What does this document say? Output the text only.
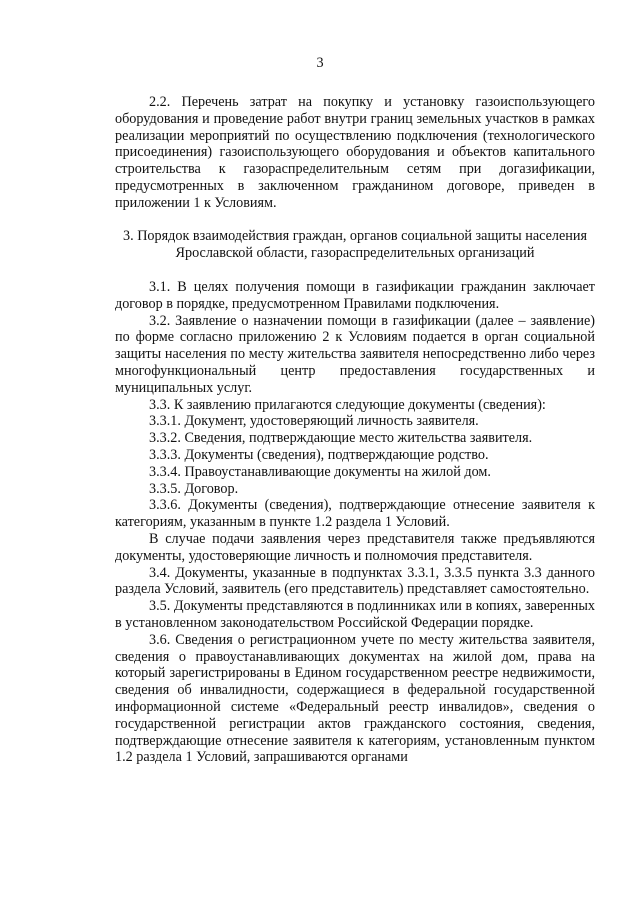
3

2.2. Перечень затрат на покупку и установку газоиспользующего оборудования и проведение работ внутри границ земельных участков в рамках реализации мероприятий по осуществлению подключения (технологического присоединения) газоиспользующего оборудования и объектов капитального строительства к газораспределительным сетям при догазификации, предусмотренных в заключенном гражданином договоре, приведен в приложении 1 к Условиям.

3. Порядок взаимодействия граждан, органов социальной защиты населения Ярославской области, газораспределительных организаций

3.1. В целях получения помощи в газификации гражданин заключает договор в порядке, предусмотренном Правилами подключения.

3.2. Заявление о назначении помощи в газификации (далее – заявление) по форме согласно приложению 2 к Условиям подается в орган социальной защиты населения по месту жительства заявителя непосредственно либо через многофункциональный центр предоставления государственных и муниципальных услуг.

3.3. К заявлению прилагаются следующие документы (сведения):

3.3.1. Документ, удостоверяющий личность заявителя.

3.3.2. Сведения, подтверждающие место жительства заявителя.

3.3.3. Документы (сведения), подтверждающие родство.

3.3.4. Правоустанавливающие документы на жилой дом.

3.3.5. Договор.

3.3.6. Документы (сведения), подтверждающие отнесение заявителя к категориям, указанным в пункте 1.2 раздела 1 Условий.

В случае подачи заявления через представителя также предъявляются документы, удостоверяющие личность и полномочия представителя.

3.4. Документы, указанные в подпунктах 3.3.1, 3.3.5 пункта 3.3 данного раздела Условий, заявитель (его представитель) представляет самостоятельно.

3.5. Документы представляются в подлинниках или в копиях, заверенных в установленном законодательством Российской Федерации порядке.

3.6. Сведения о регистрационном учете по месту жительства заявителя, сведения о правоустанавливающих документах на жилой дом, права на который зарегистрированы в Едином государственном реестре недвижимости, сведения об инвалидности, содержащиеся в федеральной государственной информационной системе «Федеральный реестр инвалидов», сведения о государственной регистрации актов гражданского состояния, сведения, подтверждающие отнесение заявителя к категориям, установленным пунктом 1.2 раздела 1 Условий, запрашиваются органами
